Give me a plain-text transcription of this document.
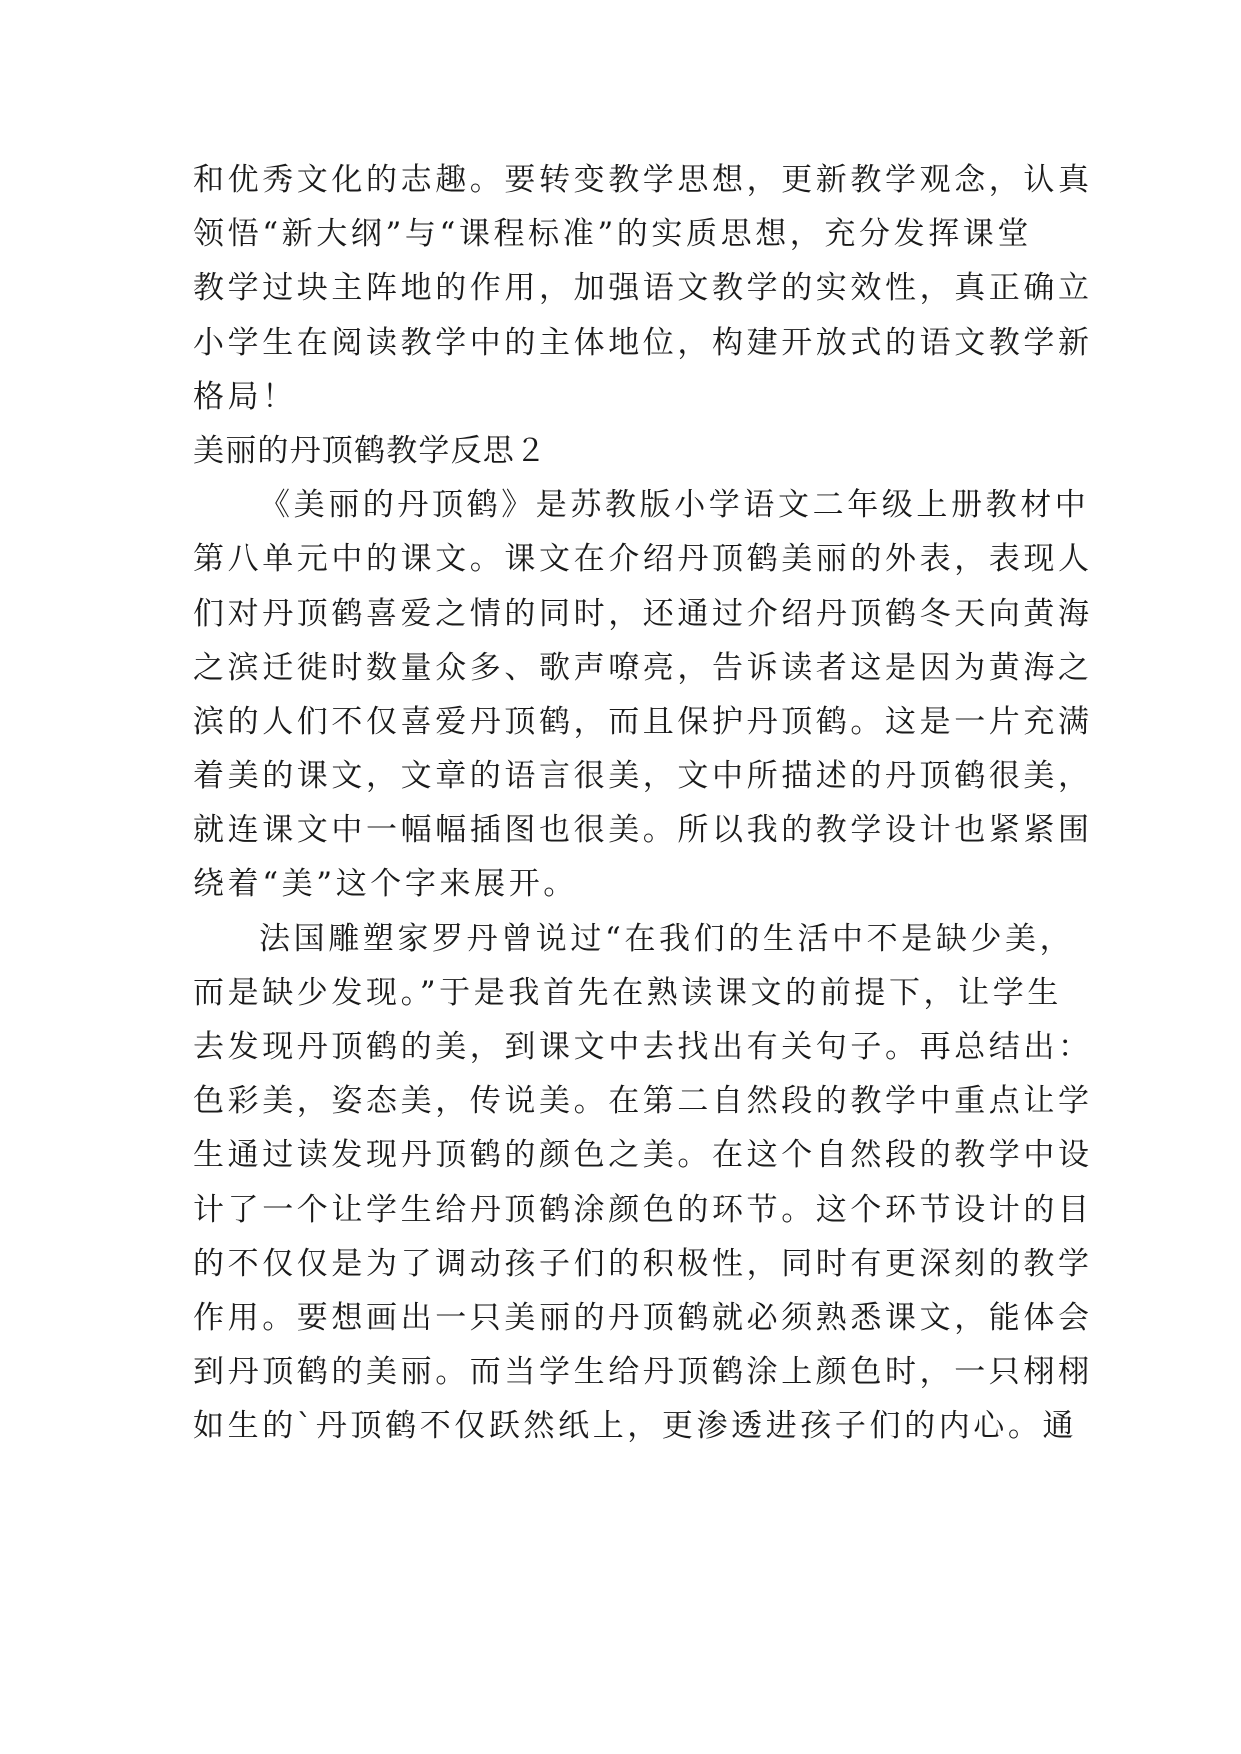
和优秀文化的志趣。要转变教学思想，更新教学观念，认真
领悟“新大纲”与“课程标准”的实质思想，充分发挥课堂
教学过块主阵地的作用，加强语文教学的实效性，真正确立
小学生在阅读教学中的主体地位，构建开放式的语文教学新
格局！
美丽的丹顶鹤教学反思２
《美丽的丹顶鹤》是苏教版小学语文二年级上册教材中
第八单元中的课文。课文在介绍丹顶鹤美丽的外表，表现人
们对丹顶鹤喜爱之情的同时，还通过介绍丹顶鹤冬天向黄海
之滨迁徙时数量众多、歌声嘹亮，告诉读者这是因为黄海之
滨的人们不仅喜爱丹顶鹤，而且保护丹顶鹤。这是一片充满
着美的课文，文章的语言很美，文中所描述的丹顶鹤很美，
就连课文中一幅幅插图也很美。所以我的教学设计也紧紧围
绕着“美”这个字来展开。
法国雕塑家罗丹曾说过“在我们的生活中不是缺少美，
而是缺少发现。”于是我首先在熟读课文的前提下，让学生
去发现丹顶鹤的美，到课文中去找出有关句子。再总结出：
色彩美，姿态美，传说美。在第二自然段的教学中重点让学
生通过读发现丹顶鹤的颜色之美。在这个自然段的教学中设
计了一个让学生给丹顶鹤涂颜色的环节。这个环节设计的目
的不仅仅是为了调动孩子们的积极性，同时有更深刻的教学
作用。要想画出一只美丽的丹顶鹤就必须熟悉课文，能体会
到丹顶鹤的美丽。而当学生给丹顶鹤涂上颜色时，一只栩栩
如生的`丹顶鹤不仅跃然纸上，更渗透进孩子们的内心。通
